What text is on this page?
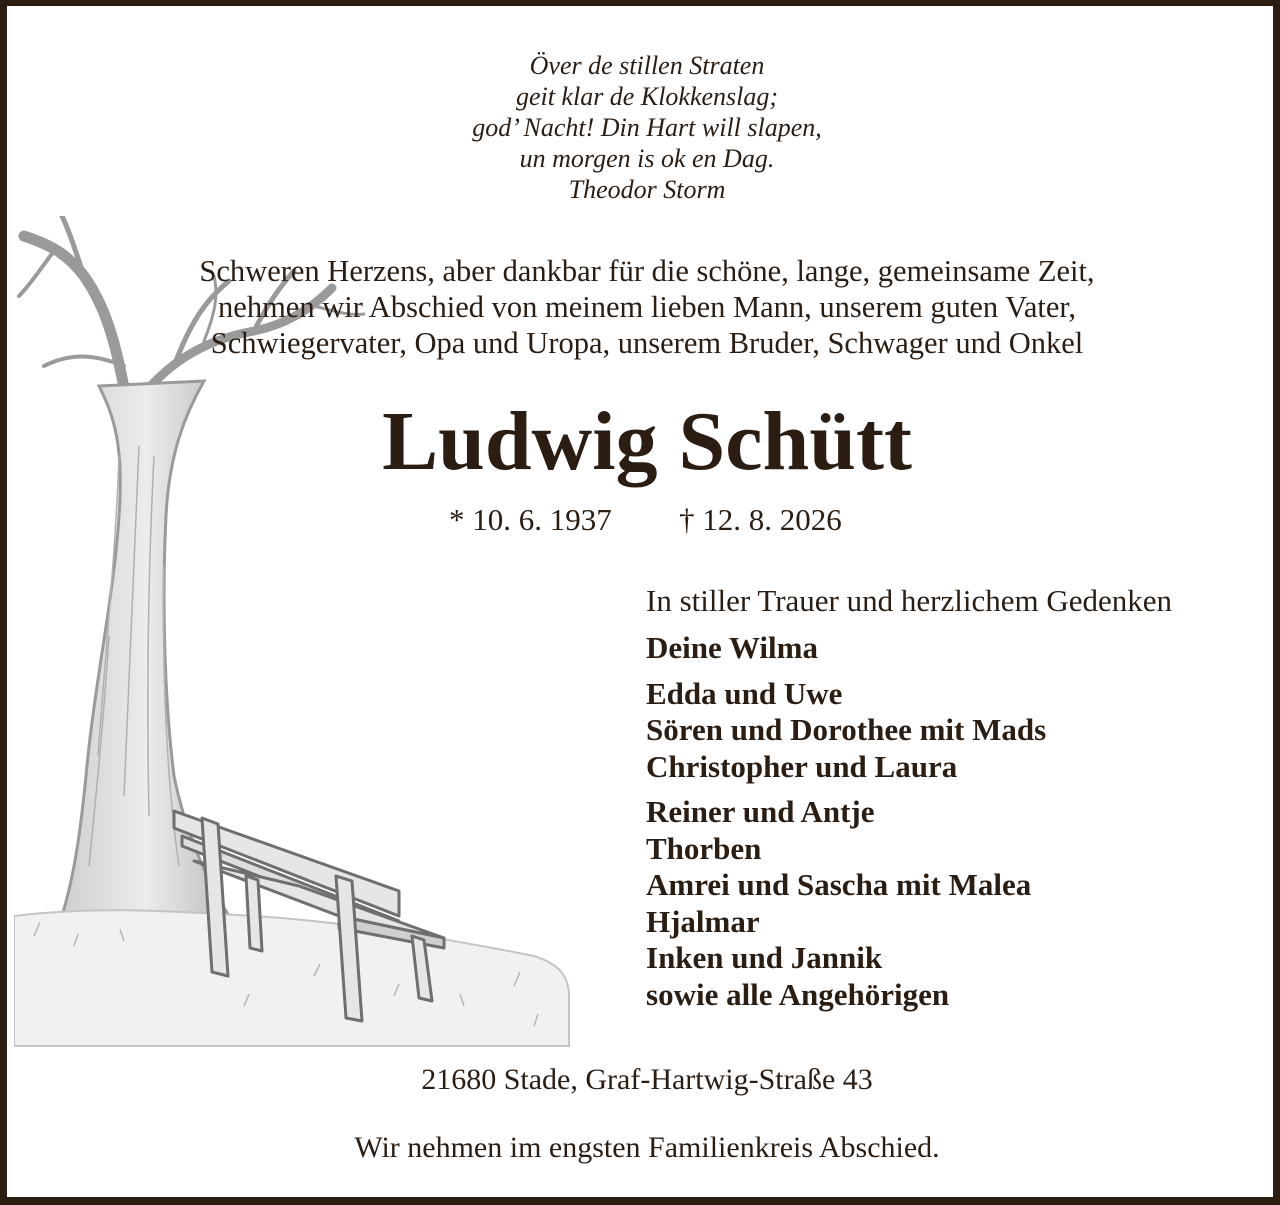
Över de stillen Straten
geit klar de Klokkenslag;
god’ Nacht! Din Hart will slapen,
un morgen is ok en Dag.
Theodor Storm
Schweren Herzens, aber dankbar für die schöne, lange, gemeinsame Zeit,
nehmen wir Abschied von meinem lieben Mann, unserem guten Vater,
Schwiegervater, Opa und Uropa, unserem Bruder, Schwager und Onkel
Ludwig Schütt
* 10. 6. 1937 † 12. 8. 2026
In stiller Trauer und herzlichem Gedenken
Deine Wilma
Edda und Uwe
Sören und Dorothee mit Mads
Christopher und Laura
Reiner und Antje
Thorben
Amrei und Sascha mit Malea
Hjalmar
Inken und Jannik
sowie alle Angehörigen
21680 Stade, Graf-Hartwig-Straße 43
Wir nehmen im engsten Familienkreis Abschied.
